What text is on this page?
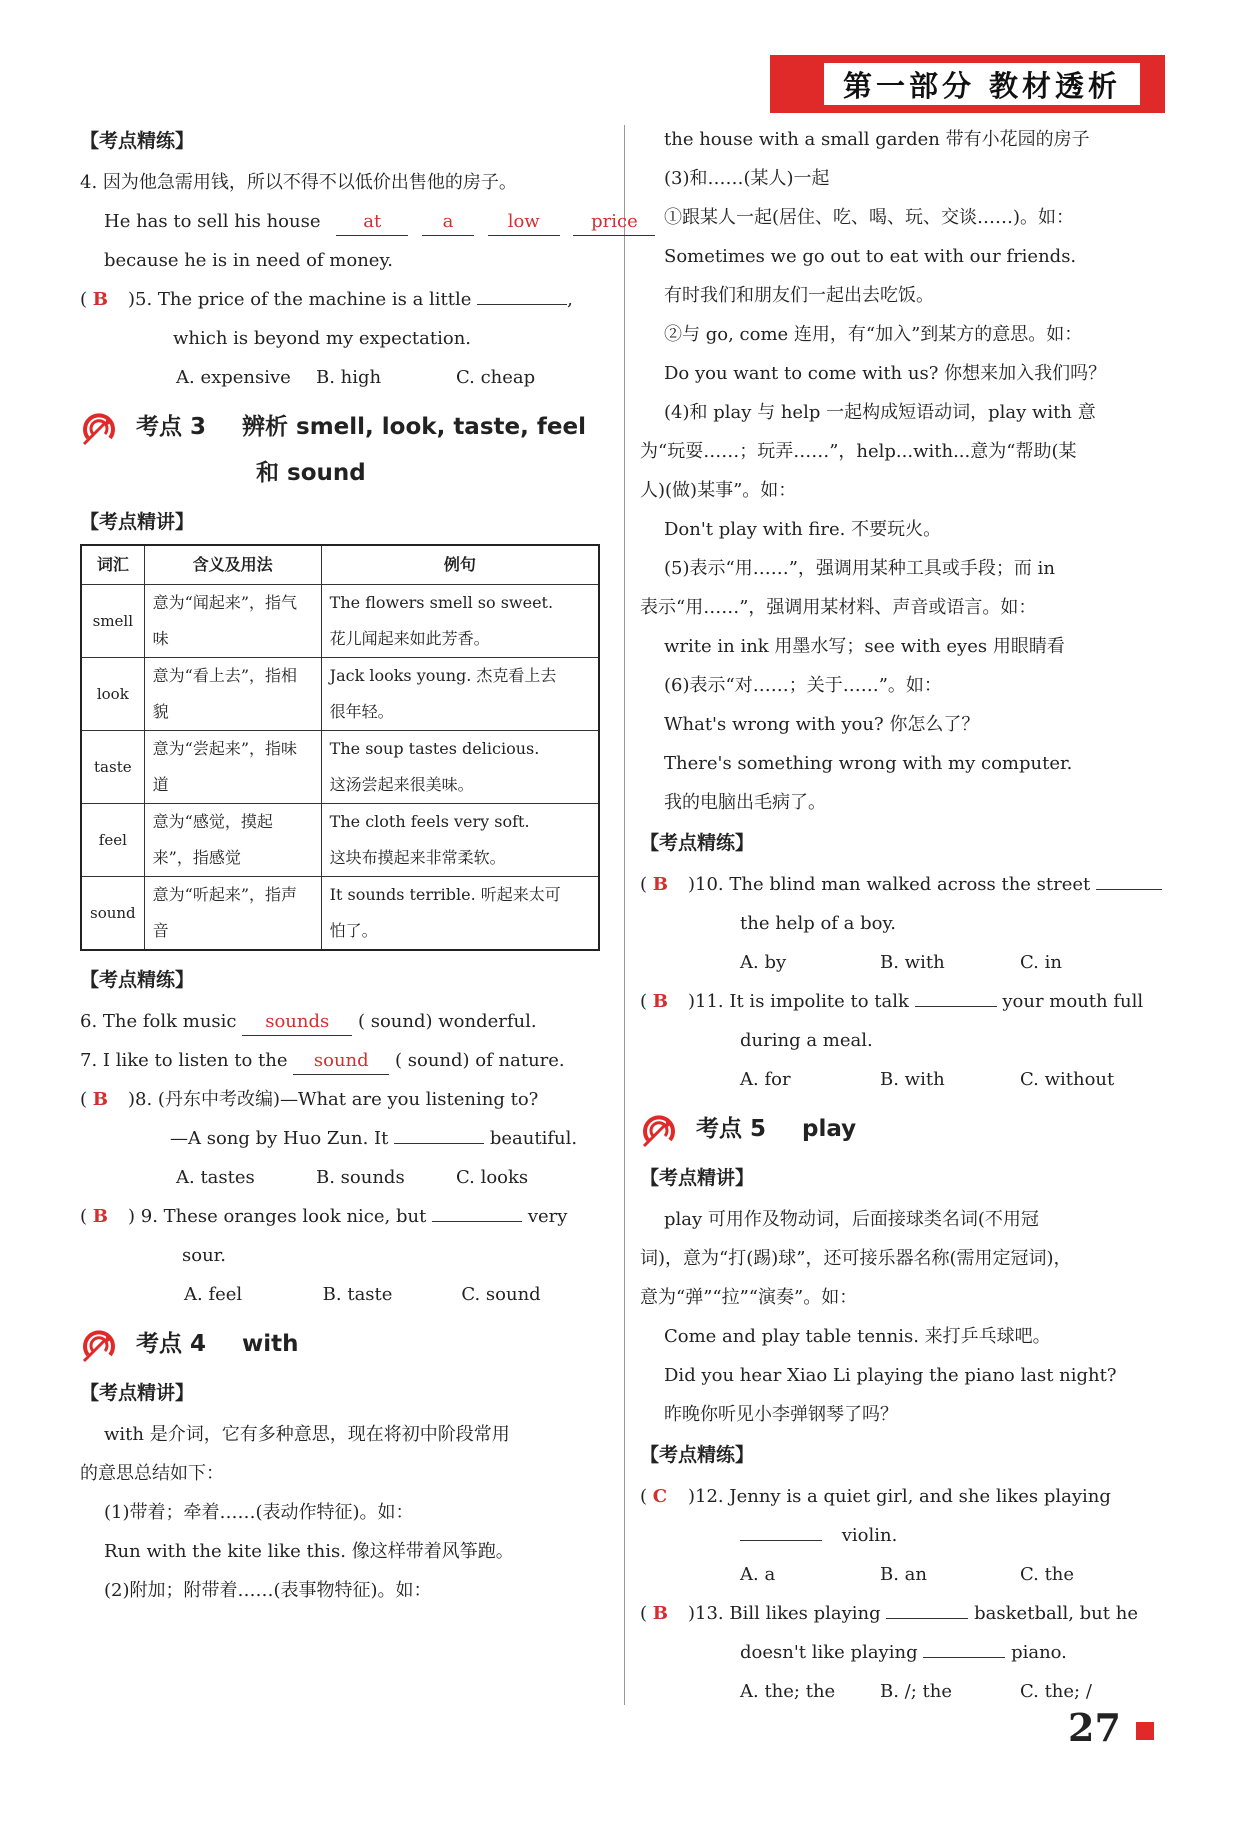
第一部分 教材透析
【考点精练】
4. 因为他急需用钱，所以不得不以低价出售他的房子。
He has to sell his house at	a	low	price
because he is in need of money.
( B )5. The price of the machine is a little	,
which is beyond my expectation.
A. expensive	B. high	C. cheap
考点 3 辨析 smell, look, taste, feel
和 sound
【考点精讲】
词汇	含义及用法	例句
smell	意为“闻起来”，指气味	The flowers smell so sweet.
花儿闻起来如此芳香。

look	意为“看上去”，指相貌	Jack looks young. 杰克看上去
很年轻。

taste	意为“尝起来”，指味道	The soup tastes delicious.
这汤尝起来很美味。

feel	意为“感觉，摸起来”，指感觉	The cloth feels very soft.
这块布摸起来非常柔软。

sound	意为“听起来”，指声音	It sounds terrible. 听起来太可
怕了。
【考点精练】
6. The folk music sounds ( sound) wonderful.
7. I like to listen to the sound ( sound) of nature.
( B )8. (丹东中考改编)—What are you listening to?
—A song by Huo Zun. It	beautiful.
A. tastes	B. sounds	C. looks
( B ) 9. These oranges look nice, but	very
sour.
A. feel	B. taste	C. sound
考点 4 with
【考点精讲】
with 是介词，它有多种意思，现在将初中阶段常用
的意思总结如下：
(1)带着；牵着……(表动作特征)。如：
Run with the kite like this. 像这样带着风筝跑。
(2)附加；附带着……(表事物特征)。如：
the house with a small garden 带有小花园的房子
(3)和……(某人)一起
①跟某人一起(居住、吃、喝、玩、交谈……)。如：
Sometimes we go out to eat with our friends.
有时我们和朋友们一起出去吃饭。
②与 go, come 连用，有“加入”到某方的意思。如：
Do you want to come with us? 你想来加入我们吗？
(4)和 play 与 help 一起构成短语动词，play with 意
为“玩耍……；玩弄……”，help...with...意为“帮助(某
人)(做)某事”。如：
Don't play with fire. 不要玩火。
(5)表示“用……”，强调用某种工具或手段；而 in
表示“用……”，强调用某材料、声音或语言。如：
write in ink 用墨水写；see with eyes 用眼睛看
(6)表示“对……；关于……”。如：
What's wrong with you? 你怎么了？
There's something wrong with my computer.
我的电脑出毛病了。
【考点精练】
( B )10. The blind man walked across the street
the help of a boy.
A. by	B. with	C. in
( B )11. It is impolite to talk	your mouth full
during a meal.
A. for	B. with	C. without
考点 5 play
【考点精讲】
play 可用作及物动词，后面接球类名词(不用冠
词)，意为“打(踢)球”，还可接乐器名称(需用定冠词)，
意为“弹”“拉”“演奏”。如：
Come and play table tennis. 来打乒乓球吧。
Did you hear Xiao Li playing the piano last night?
昨晚你听见小李弹钢琴了吗？
【考点精练】
( C )12. Jenny is a quiet girl, and she likes playing
violin.
A. a	B. an	C. the
( B )13. Bill likes playing	basketball, but he
doesn't like playing	piano.
A. the; the	B. /; the	C. the; /
27
